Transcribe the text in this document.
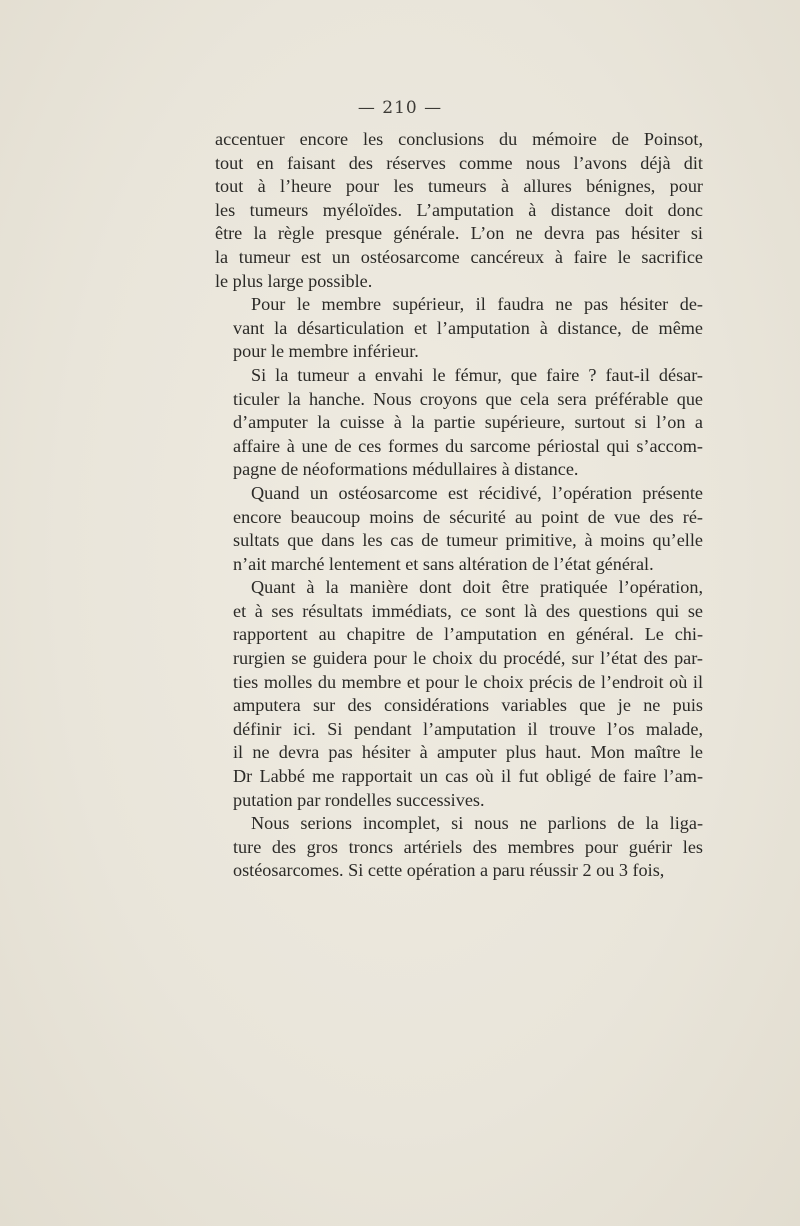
— 210 —

accentuer encore les conclusions du mémoire de Poinsot,
tout en faisant des réserves comme nous l’avons déjà dit
tout à l’heure pour les tumeurs à allures bénignes, pour
les tumeurs myéloïdes. L’amputation à distance doit donc
être la règle presque générale. L’on ne devra pas hésiter si
la tumeur est un ostéosarcome cancéreux à faire le sacrifice
le plus large possible.

Pour le membre supérieur, il faudra ne pas hésiter de-
vant la désarticulation et l’amputation à distance, de même
pour le membre inférieur.

Si la tumeur a envahi le fémur, que faire ? faut-il désar-
ticuler la hanche. Nous croyons que cela sera préférable que
d’amputer la cuisse à la partie supérieure, surtout si l’on a
affaire à une de ces formes du sarcome périostal qui s’accom-
pagne de néoformations médullaires à distance.

Quand un ostéosarcome est récidivé, l’opération présente
encore beaucoup moins de sécurité au point de vue des ré-
sultats que dans les cas de tumeur primitive, à moins qu’elle
n’ait marché lentement et sans altération de l’état général.

Quant à la manière dont doit être pratiquée l’opération,
et à ses résultats immédiats, ce sont là des questions qui se
rapportent au chapitre de l’amputation en général. Le chi-
rurgien se guidera pour le choix du procédé, sur l’état des par-
ties molles du membre et pour le choix précis de l’endroit où il
amputera sur des considérations variables que je ne puis
définir ici. Si pendant l’amputation il trouve l’os malade,
il ne devra pas hésiter à amputer plus haut. Mon maître le
Dr Labbé me rapportait un cas où il fut obligé de faire l’am-
putation par rondelles successives.

Nous serions incomplet, si nous ne parlions de la liga-
ture des gros troncs artériels des membres pour guérir les
ostéosarcomes. Si cette opération a paru réussir 2 ou 3 fois,
